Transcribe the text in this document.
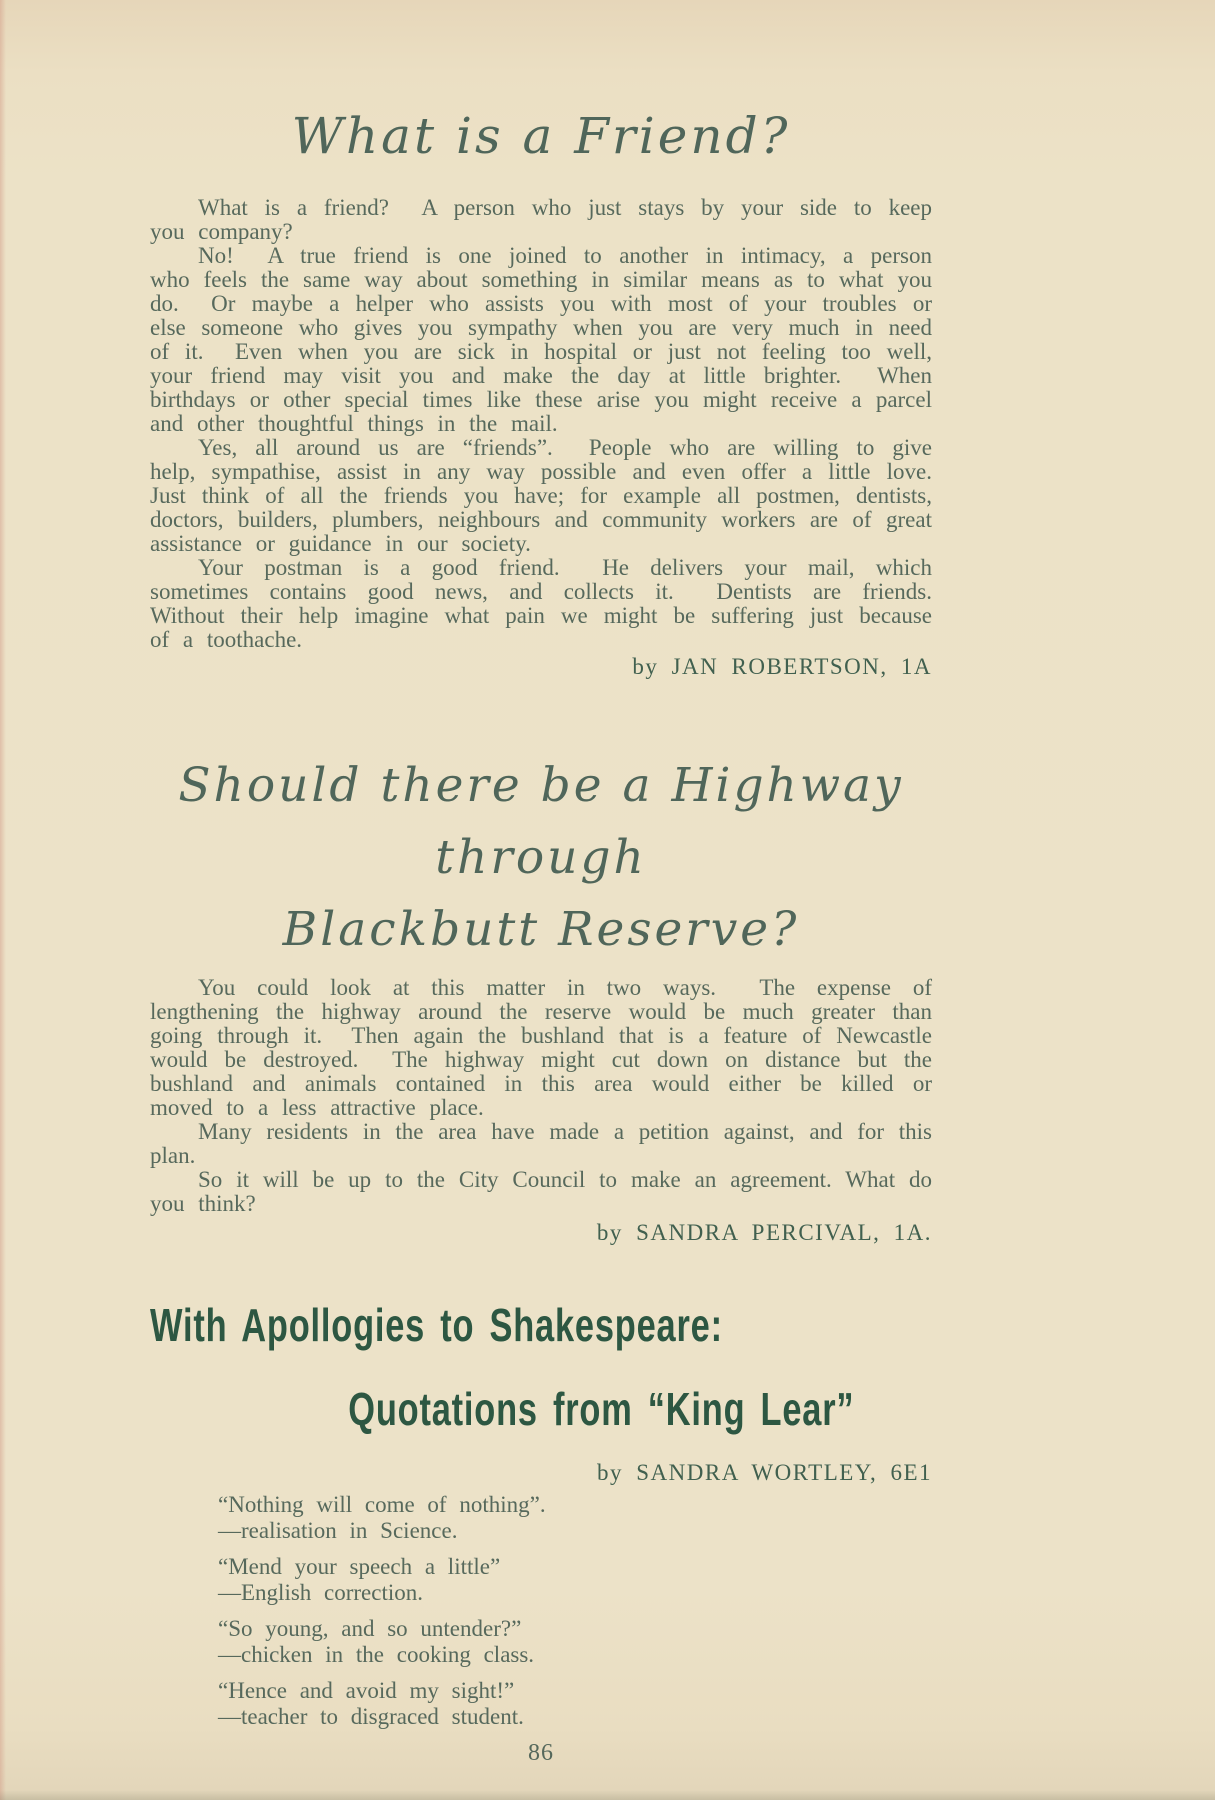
What is a Friend?

What is a friend?  A person who just stays by your side to keep you company?

No!  A true friend is one joined to another in intimacy, a person who feels the same way about something in similar means as to what you do.  Or maybe a helper who assists you with most of your troubles or else someone who gives you sympathy when you are very much in need of it.  Even when you are sick in hospital or just not feeling too well, your friend may visit you and make the day at little brighter.  When birthdays or other special times like these arise you might receive a parcel and other thoughtful things in the mail.

Yes, all around us are “friends”.  People who are willing to give help, sympathise, assist in any way possible and even offer a little love.  Just think of all the friends you have; for example all postmen, dentists, doctors, builders, plumbers, neighbours and community workers are of great assistance or guidance in our society.

Your postman is a good friend.  He delivers your mail, which sometimes contains good news, and collects it.  Dentists are friends.  Without their help imagine what pain we might be suffering just because of a toothache.

by JAN ROBERTSON, 1A
Should there be a Highway through
Blackbutt Reserve?

You could look at this matter in two ways.  The expense of lengthening the highway around the reserve would be much greater than going through it.  Then again the bushland that is a feature of Newcastle would be destroyed.  The highway might cut down on distance but the bushland and animals contained in this area would either be killed or moved to a less attractive place.

Many residents in the area have made a petition against, and for this plan.

So it will be up to the City Council to make an agreement. What do you think?

by SANDRA PERCIVAL, 1A.
With Apollogies to Shakespeare:
Quotations from “King Lear”
by SANDRA WORTLEY, 6E1
“Nothing will come of nothing”.
—realisation in Science.
“Mend your speech a little”
—English correction.
“So young, and so untender?”
—chicken in the cooking class.
“Hence and avoid my sight!”
—teacher to disgraced student.
86
